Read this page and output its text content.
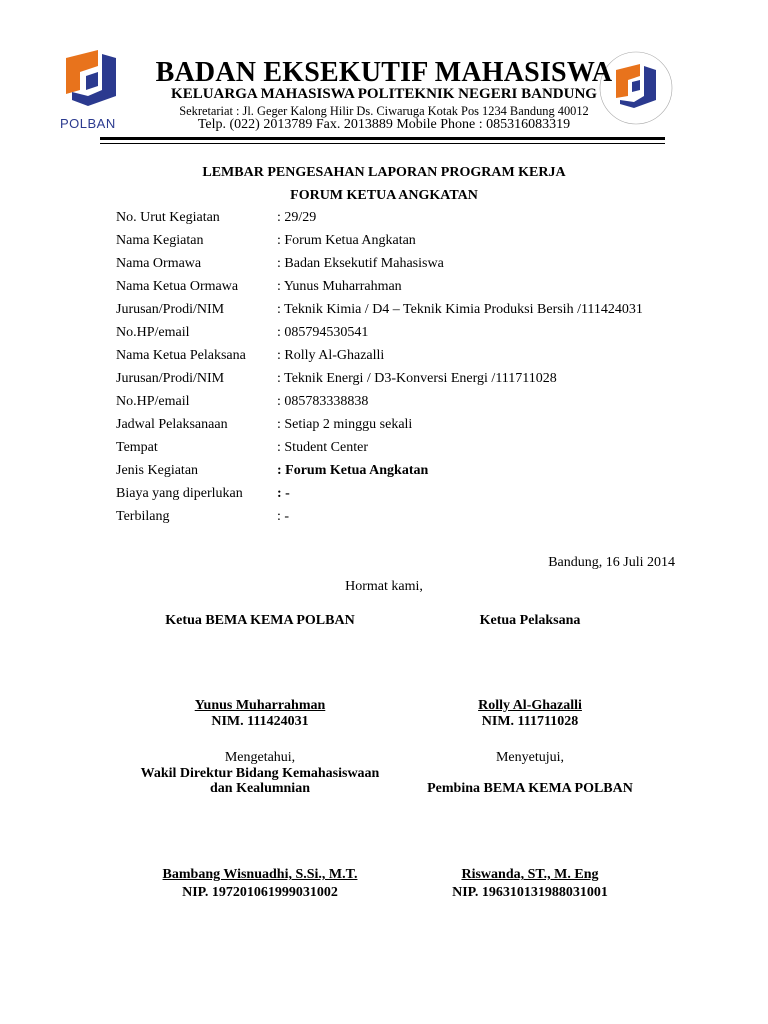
POLBAN
BADAN EKSEKUTIF MAHASISWA
KELUARGA MAHASISWA POLITEKNIK NEGERI BANDUNG
Sekretariat : Jl. Geger Kalong Hilir Ds. Ciwaruga Kotak Pos 1234 Bandung 40012
Telp. (022) 2013789 Fax. 2013889 Mobile Phone : 085316083319
LEMBAR PENGESAHAN LAPORAN PROGRAM KERJA
FORUM KETUA ANGKATAN
No. Urut Kegiatan	: 29/29
Nama Kegiatan	: Forum Ketua Angkatan
Nama Ormawa	: Badan Eksekutif Mahasiswa
Nama Ketua Ormawa	: Yunus Muharrahman
Jurusan/Prodi/NIM	: Teknik Kimia / D4 – Teknik Kimia Produksi Bersih /111424031
No.HP/email	: 085794530541
Nama Ketua Pelaksana : Rolly Al-Ghazalli
Jurusan/Prodi/NIM	: Teknik Energi / D3-Konversi Energi /111711028
No.HP/email	: 085783338838
Jadwal Pelaksanaan	: Setiap 2 minggu sekali
Tempat	: Student Center
Jenis Kegiatan	: Forum Ketua Angkatan
Biaya yang diperlukan : -
Terbilang	: -
Bandung, 16 Juli 2014
Hormat kami,
Ketua BEMA KEMA POLBAN	Ketua Pelaksana
Yunus Muharrahman
NIM. 111424031
Rolly Al-Ghazalli
NIM. 111711028
Mengetahui,
Wakil Direktur Bidang Kemahasiswaan
dan Kealumnian
Menyetujui,
Pembina BEMA KEMA POLBAN
Bambang Wisnuadhi, S.Si., M.T.
NIP. 197201061999031002
Riswanda, ST., M. Eng
NIP. 196310131988031001
